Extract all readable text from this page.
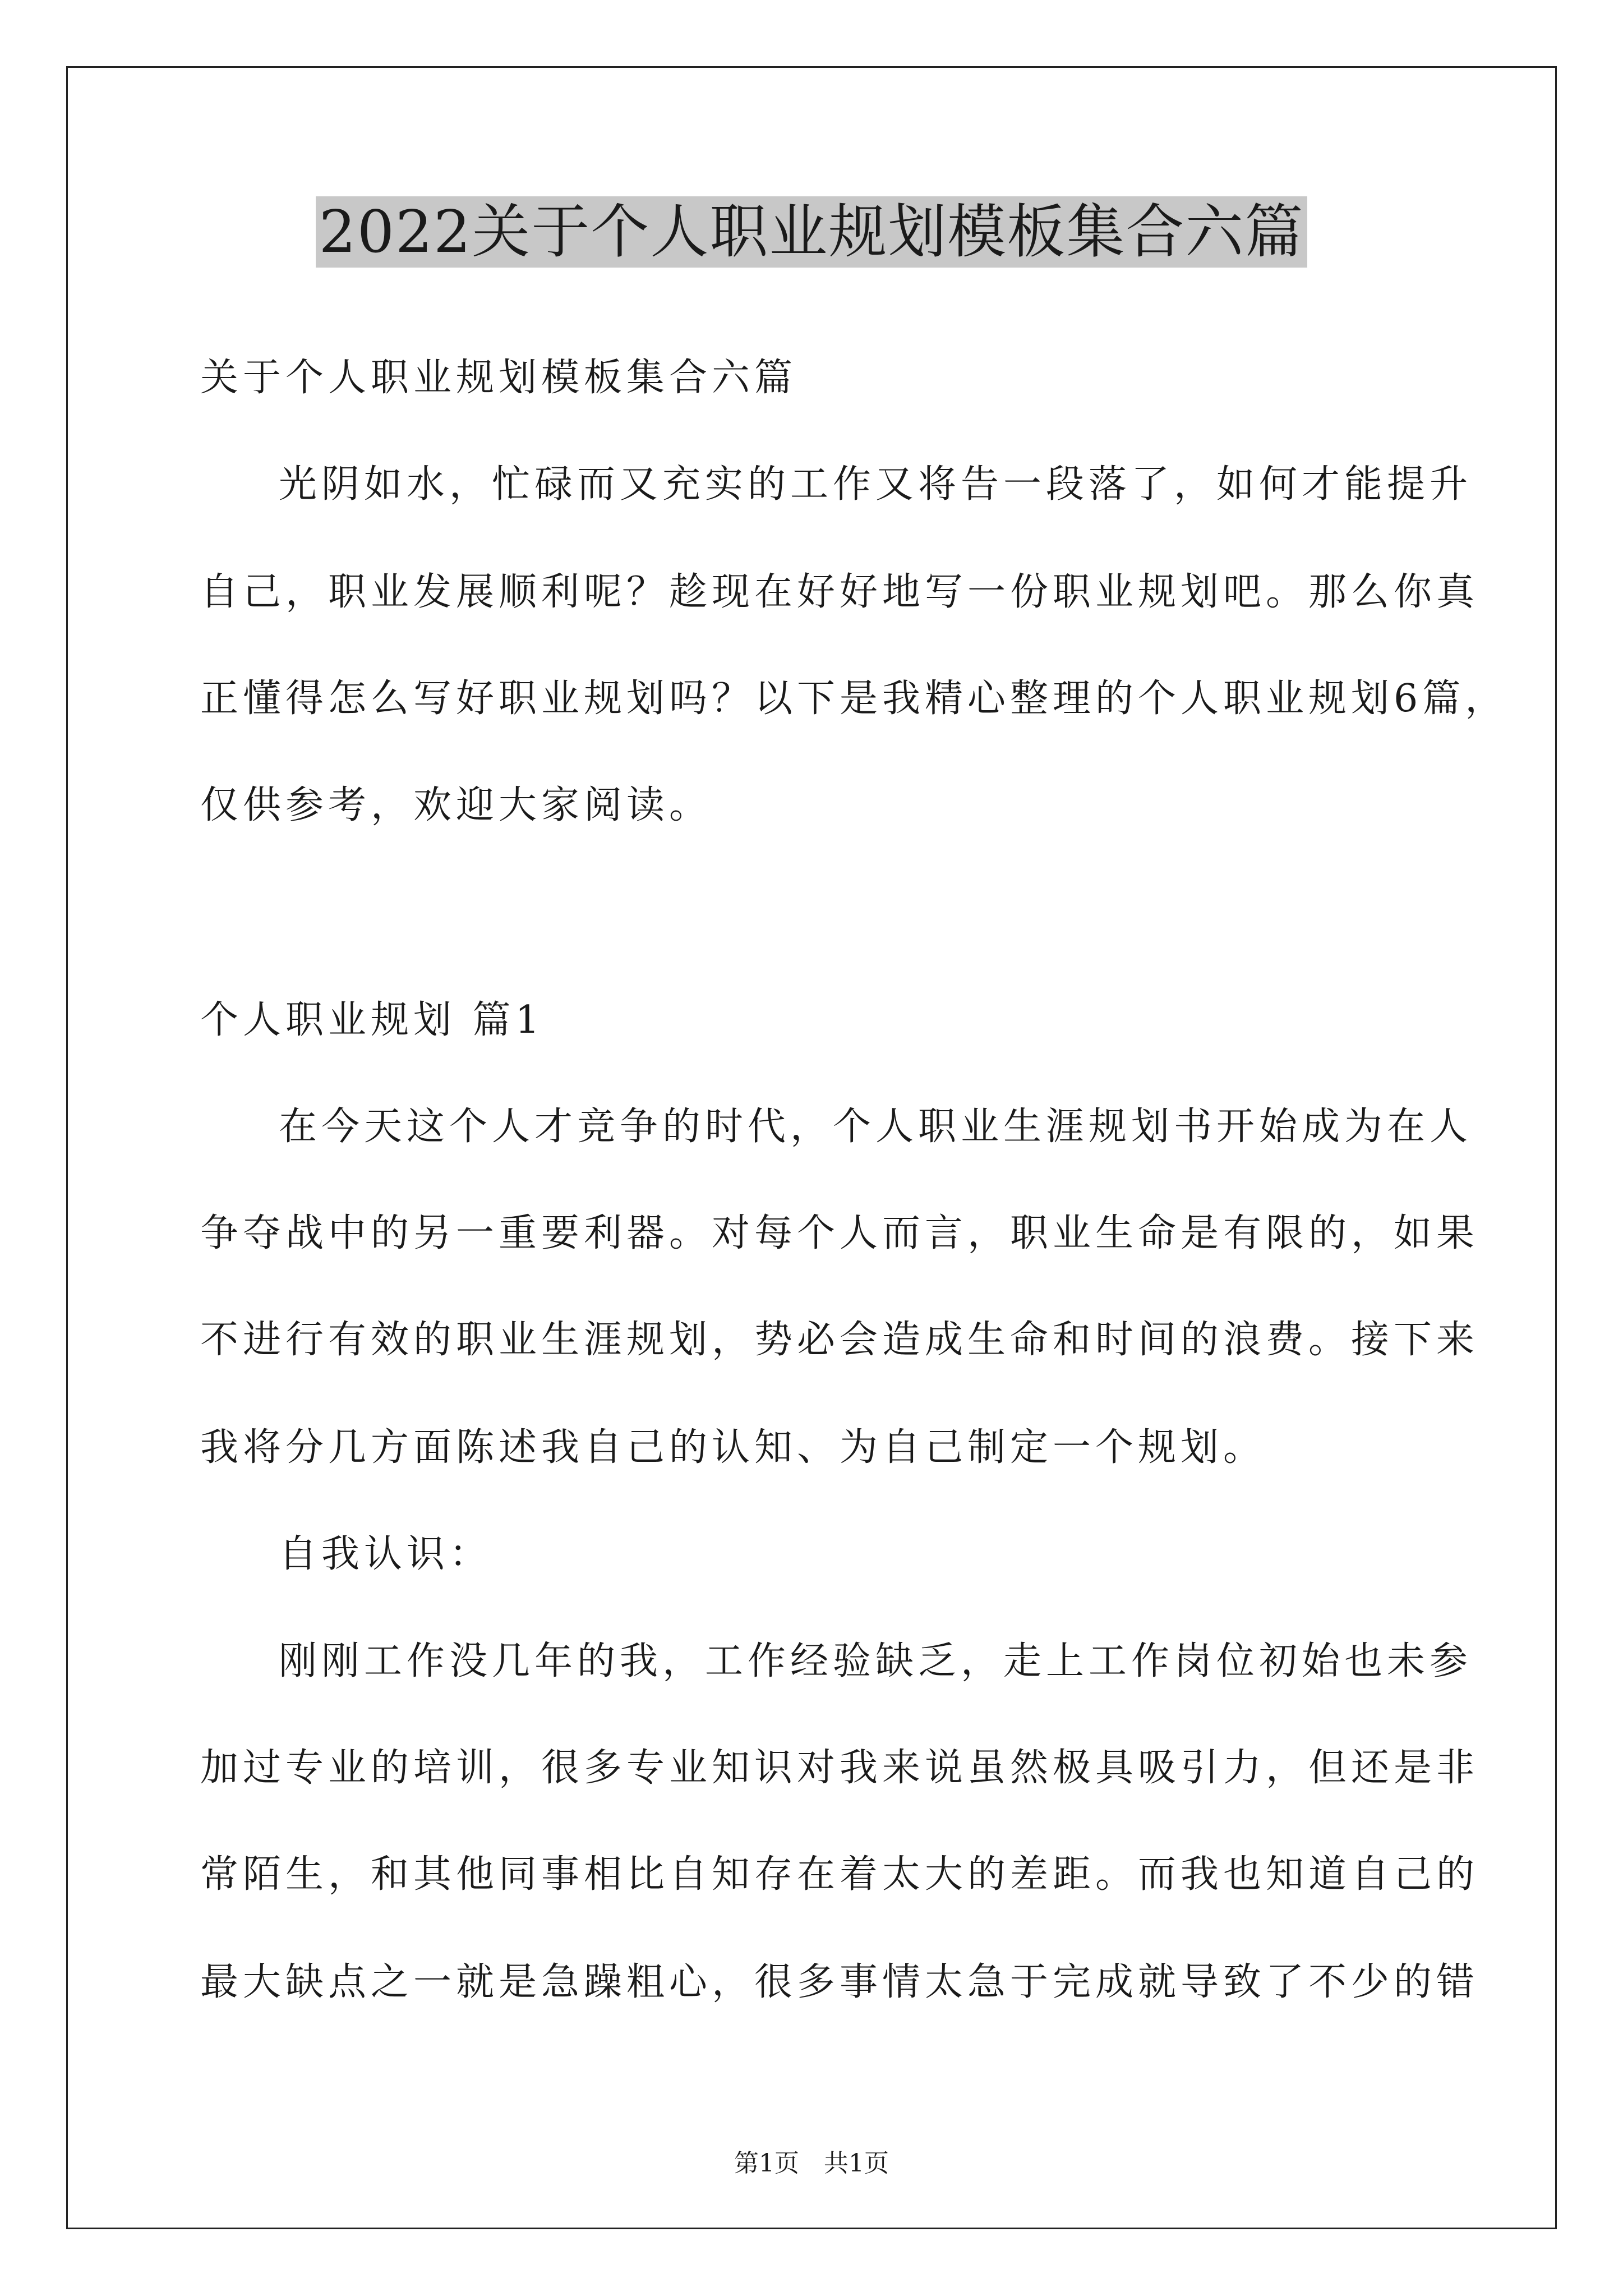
2022关于个人职业规划模板集合六篇
关于个人职业规划模板集合六篇
光阴如水，忙碌而又充实的工作又将告一段落了，如何才能提升
自己，职业发展顺利呢？趁现在好好地写一份职业规划吧。那么你真
正懂得怎么写好职业规划吗？以下是我精心整理的个人职业规划6篇，
仅供参考，欢迎大家阅读。
个人职业规划 篇1
在今天这个人才竞争的时代，个人职业生涯规划书开始成为在人
争夺战中的另一重要利器。对每个人而言，职业生命是有限的，如果
不进行有效的职业生涯规划，势必会造成生命和时间的浪费。接下来
我将分几方面陈述我自己的认知、为自己制定一个规划。
自我认识：
刚刚工作没几年的我，工作经验缺乏，走上工作岗位初始也未参
加过专业的培训，很多专业知识对我来说虽然极具吸引力，但还是非
常陌生，和其他同事相比自知存在着太大的差距。而我也知道自己的
最大缺点之一就是急躁粗心，很多事情太急于完成就导致了不少的错
第1页　共1页
